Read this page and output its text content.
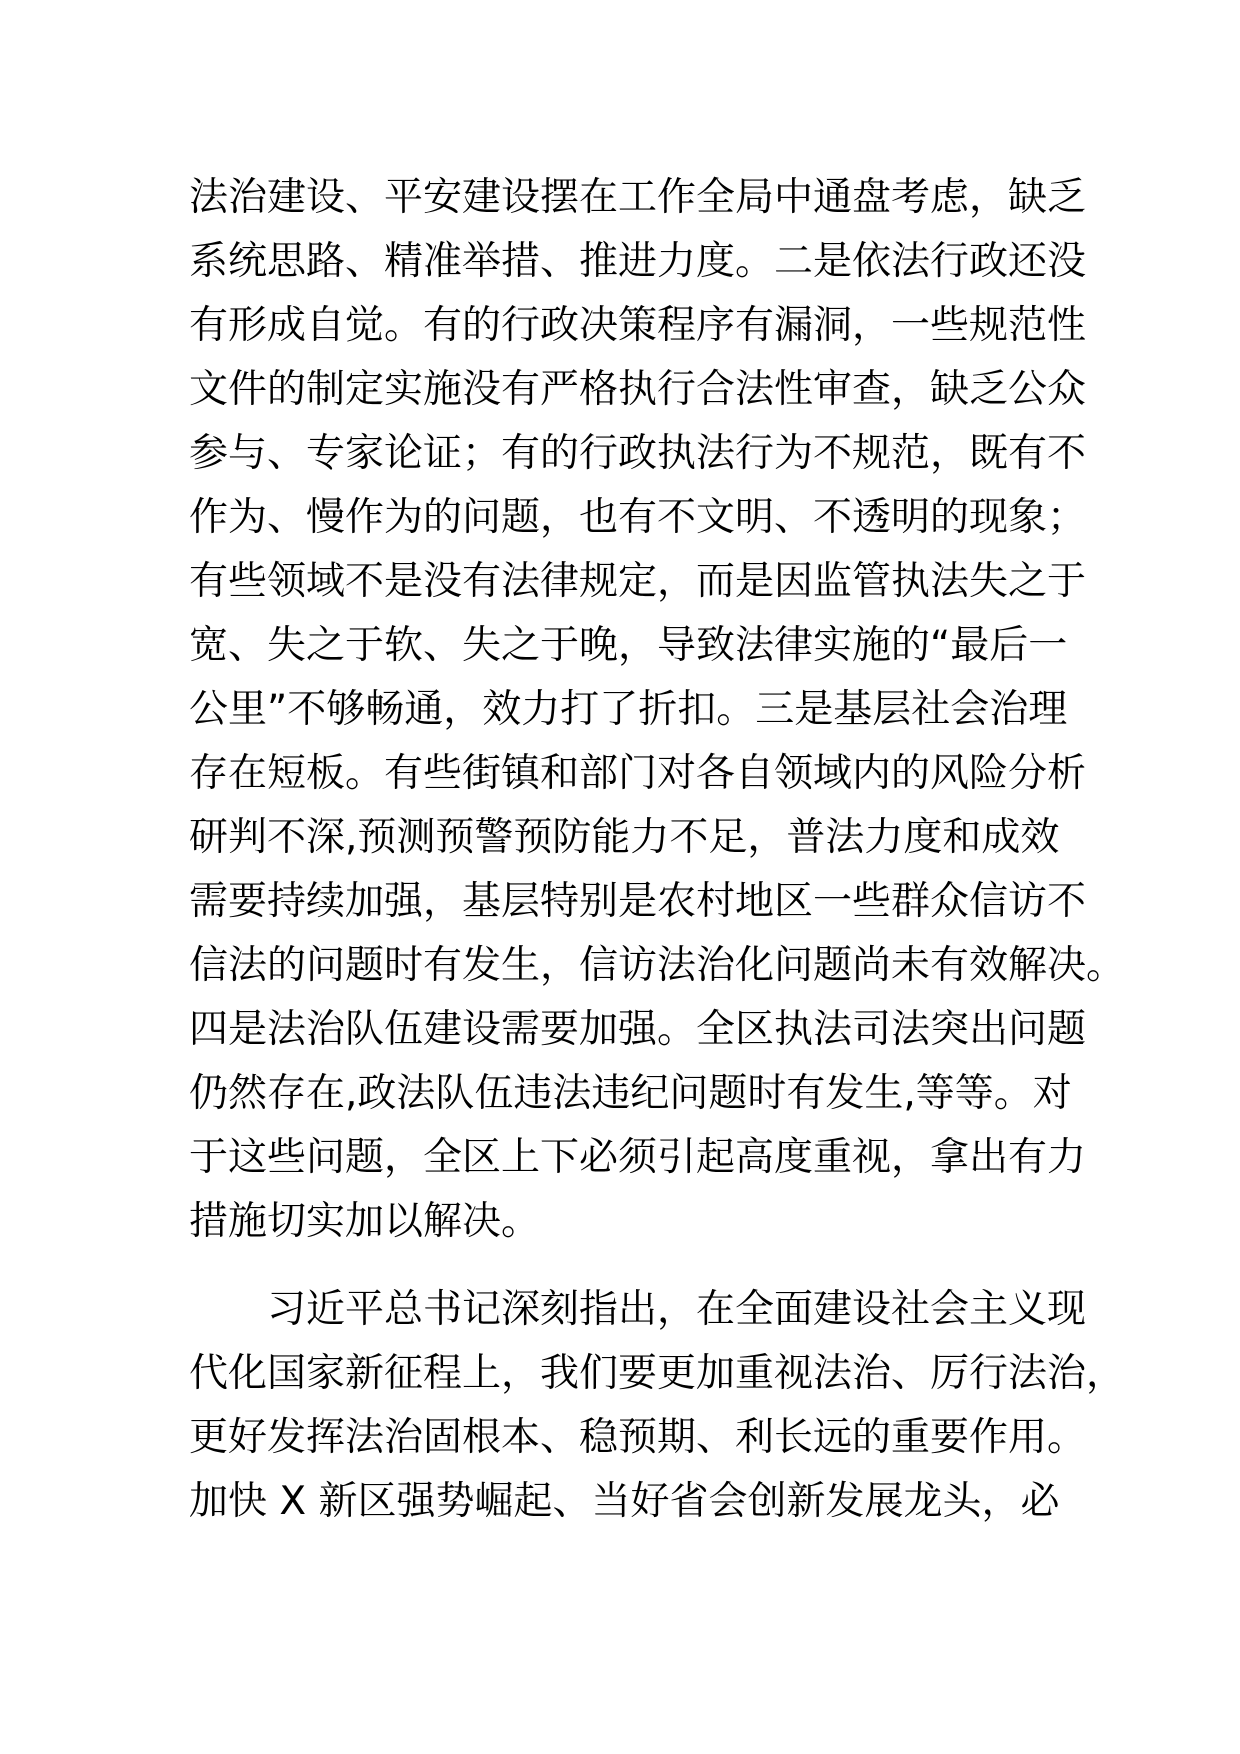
法治建设、平安建设摆在工作全局中通盘考虑，缺乏
系统思路、精准举措、推进力度。二是依法行政还没
有形成自觉。有的行政决策程序有漏洞，一些规范性
文件的制定实施没有严格执行合法性审查，缺乏公众
参与、专家论证；有的行政执法行为不规范，既有不
作为、慢作为的问题，也有不文明、不透明的现象；
有些领域不是没有法律规定，而是因监管执法失之于
宽、失之于软、失之于晚，导致法律实施的“最后一
公里”不够畅通，效力打了折扣。三是基层社会治理
存在短板。有些街镇和部门对各自领域内的风险分析
研判不深,预测预警预防能力不足，普法力度和成效
需要持续加强，基层特别是农村地区一些群众信访不
信法的问题时有发生，信访法治化问题尚未有效解决。
四是法治队伍建设需要加强。全区执法司法突出问题
仍然存在,政法队伍违法违纪问题时有发生,等等。对
于这些问题，全区上下必须引起高度重视，拿出有力
措施切实加以解决。
习近平总书记深刻指出，在全面建设社会主义现
代化国家新征程上，我们要更加重视法治、厉行法治，
更好发挥法治固根本、稳预期、利长远的重要作用。
加快 X 新区强势崛起、当好省会创新发展龙头，必
